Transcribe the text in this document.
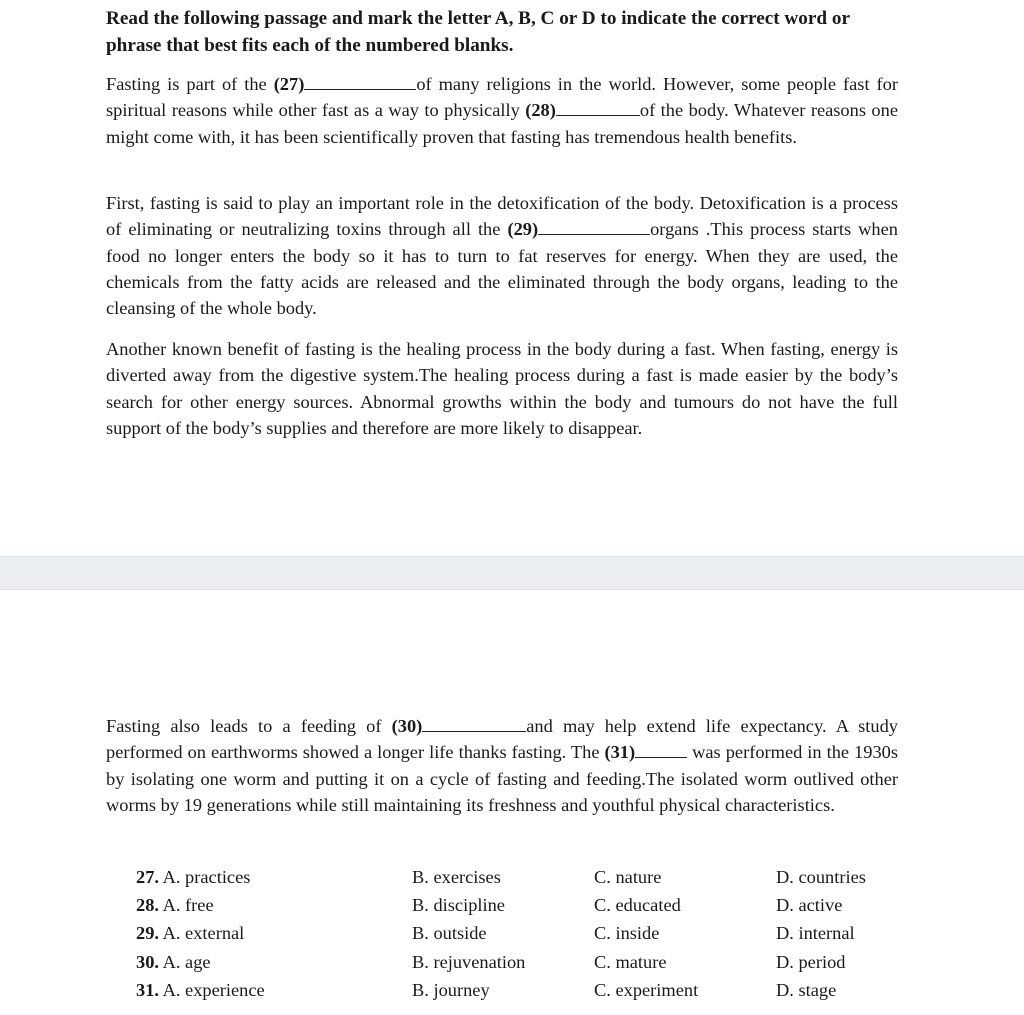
Read the following passage and mark the letter A, B, C or D to indicate the correct word or phrase that best fits each of the numbered blanks.
Fasting is part of the (27)	of many religions in the world. However, some people fast for spiritual reasons while other fast as a way to physically (28)	of the body. Whatever reasons one might come with, it has been scientifically proven that fasting has tremendous health benefits.
First, fasting is said to play an important role in the detoxification of the body. Detoxification is a process of eliminating or neutralizing toxins through all the (29)	organs .This process starts when food no longer enters the body so it has to turn to fat reserves for energy. When they are used, the chemicals from the fatty acids are released and the eliminated through the body organs, leading to the cleansing of the whole body.
Another known benefit of fasting is the healing process in the body during a fast. When fasting, energy is diverted away from the digestive system.The healing process during a fast is made easier by the body’s search for other energy sources. Abnormal growths within the body and tumours do not have the full support of the body’s supplies and therefore are more likely to disappear.
Fasting also leads to a feeding of (30)	and may help extend life expectancy. A study performed on earthworms showed a longer life thanks fasting. The (31)	was performed in the 1930s by isolating one worm and putting it on a cycle of fasting and feeding.The isolated worm outlived other worms by 19 generations while still maintaining its freshness and youthful physical characteristics.
27. A. practices	B. exercises	C. nature	D. countries
28. A. free	B. discipline	C. educated	D. active
29. A. external	B. outside	C. inside	D. internal
30. A. age	B. rejuvenation	C. mature	D. period
31. A. experience	B. journey	C. experiment	D. stage
